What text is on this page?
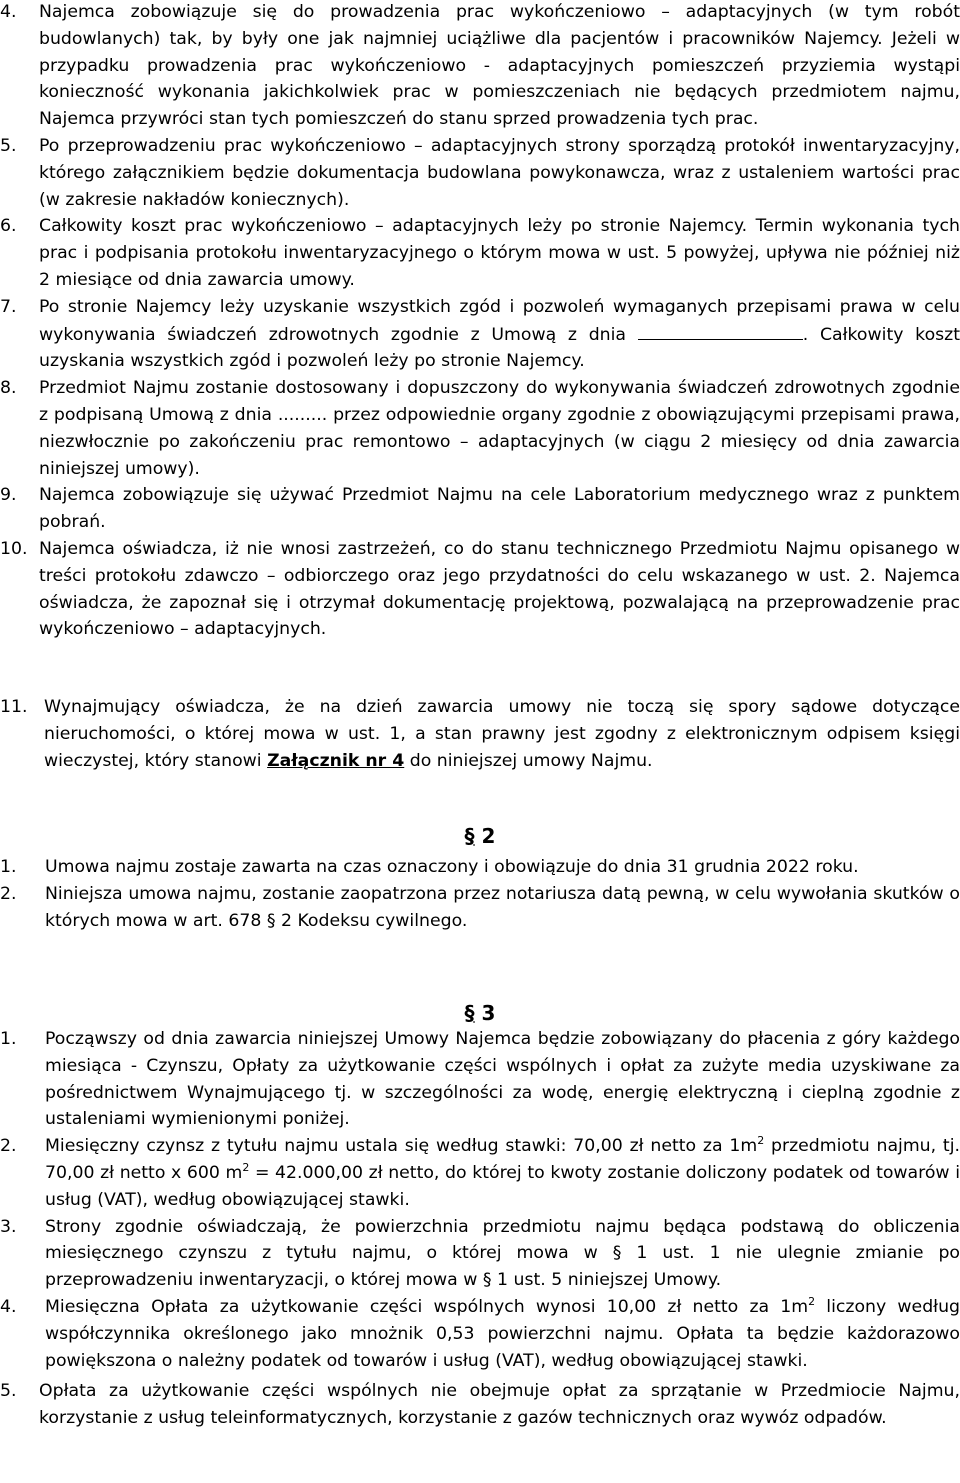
4.	Najemca zobowiązuje się do prowadzenia prac wykończeniowo – adaptacyjnych (w tym robót budowlanych) tak, by były one jak najmniej uciążliwe dla pacjentów i pracowników Najemcy. Jeżeli w przypadku prowadzenia prac wykończeniowo - adaptacyjnych pomieszczeń przyziemia wystąpi konieczność wykonania jakichkolwiek prac w pomieszczeniach nie będących przedmiotem najmu, Najemca przywróci stan tych pomieszczeń do stanu sprzed prowadzenia tych prac.
5.	Po przeprowadzeniu prac wykończeniowo – adaptacyjnych strony sporządzą protokół inwentaryzacyjny, którego załącznikiem będzie dokumentacja budowlana powykonawcza, wraz z ustaleniem wartości prac (w zakresie nakładów koniecznych).
6.	Całkowity koszt prac wykończeniowo – adaptacyjnych leży po stronie Najemcy. Termin wykonania tych prac i podpisania protokołu inwentaryzacyjnego o którym mowa w ust. 5 powyżej, upływa nie później niż 2 miesiące od dnia zawarcia umowy.
7.	Po stronie Najemcy leży uzyskanie wszystkich zgód i pozwoleń wymaganych przepisami prawa w celu wykonywania świadczeń zdrowotnych zgodnie z Umową z dnia	. Całkowity koszt uzyskania wszystkich zgód i pozwoleń leży po stronie Najemcy.
8.	Przedmiot Najmu zostanie dostosowany i dopuszczony do wykonywania świadczeń zdrowotnych zgodnie z podpisaną Umową z dnia ......... przez odpowiednie organy zgodnie z obowiązującymi przepisami prawa, niezwłocznie po zakończeniu prac remontowo – adaptacyjnych (w ciągu 2 miesięcy od dnia zawarcia niniejszej umowy).
9.	Najemca zobowiązuje się używać Przedmiot Najmu na cele Laboratorium medycznego wraz z punktem pobrań.
10. Najemca oświadcza, iż nie wnosi zastrzeżeń, co do stanu technicznego Przedmiotu Najmu opisanego w treści protokołu zdawczo – odbiorczego oraz jego przydatności do celu wskazanego w ust. 2. Najemca oświadcza, że zapoznał się i otrzymał dokumentację projektową, pozwalającą na przeprowadzenie prac wykończeniowo – adaptacyjnych.
11. Wynajmujący oświadcza, że na dzień zawarcia umowy nie toczą się spory sądowe dotyczące nieruchomości, o której mowa w ust. 1, a stan prawny jest zgodny z elektronicznym odpisem księgi wieczystej, który stanowi Załącznik nr 4 do niniejszej umowy Najmu.
§ 2
1.	Umowa najmu zostaje zawarta na czas oznaczony i obowiązuje do dnia 31 grudnia 2022 roku.
2.	Niniejsza umowa najmu, zostanie zaopatrzona przez notariusza datą pewną, w celu wywołania skutków o których mowa w art. 678 § 2 Kodeksu cywilnego.
§ 3
1.	Począwszy od dnia zawarcia niniejszej Umowy Najemca będzie zobowiązany do płacenia z góry każdego miesiąca - Czynszu, Opłaty za użytkowanie części wspólnych i opłat za zużyte media uzyskiwane za pośrednictwem Wynajmującego tj. w szczególności za wodę, energię elektryczną i cieplną zgodnie z ustaleniami wymienionymi poniżej.
2.	Miesięczny czynsz z tytułu najmu ustala się według stawki: 70,00 zł netto za $1m^2$ przedmiotu najmu, tj. 70,00 zł netto x 600 $m^2 = 42.000,00$ zł netto, do której to kwoty zostanie doliczony podatek od towarów i usług (VAT), według obowiązującej stawki.
3.	Strony zgodnie oświadczają, że powierzchnia przedmiotu najmu będąca podstawą do obliczenia miesięcznego czynszu z tytułu najmu, o której mowa w § 1 ust. 1 nie ulegnie zmianie po przeprowadzeniu inwentaryzacji, o której mowa w § 1 ust. 5 niniejszej Umowy.
4.	Miesięczna Opłata za użytkowanie części wspólnych wynosi 10,00 zł netto za $1m^2$ liczony według współczynnika określonego jako mnożnik 0,53 powierzchni najmu. Opłata ta będzie każdorazowo powiększona o należny podatek od towarów i usług (VAT), według obowiązującej stawki.
5.	Opłata za użytkowanie części wspólnych nie obejmuje opłat za sprzątanie w Przedmiocie Najmu, korzystanie z usług teleinformatycznych, korzystanie z gazów technicznych oraz wywóz odpadów.
